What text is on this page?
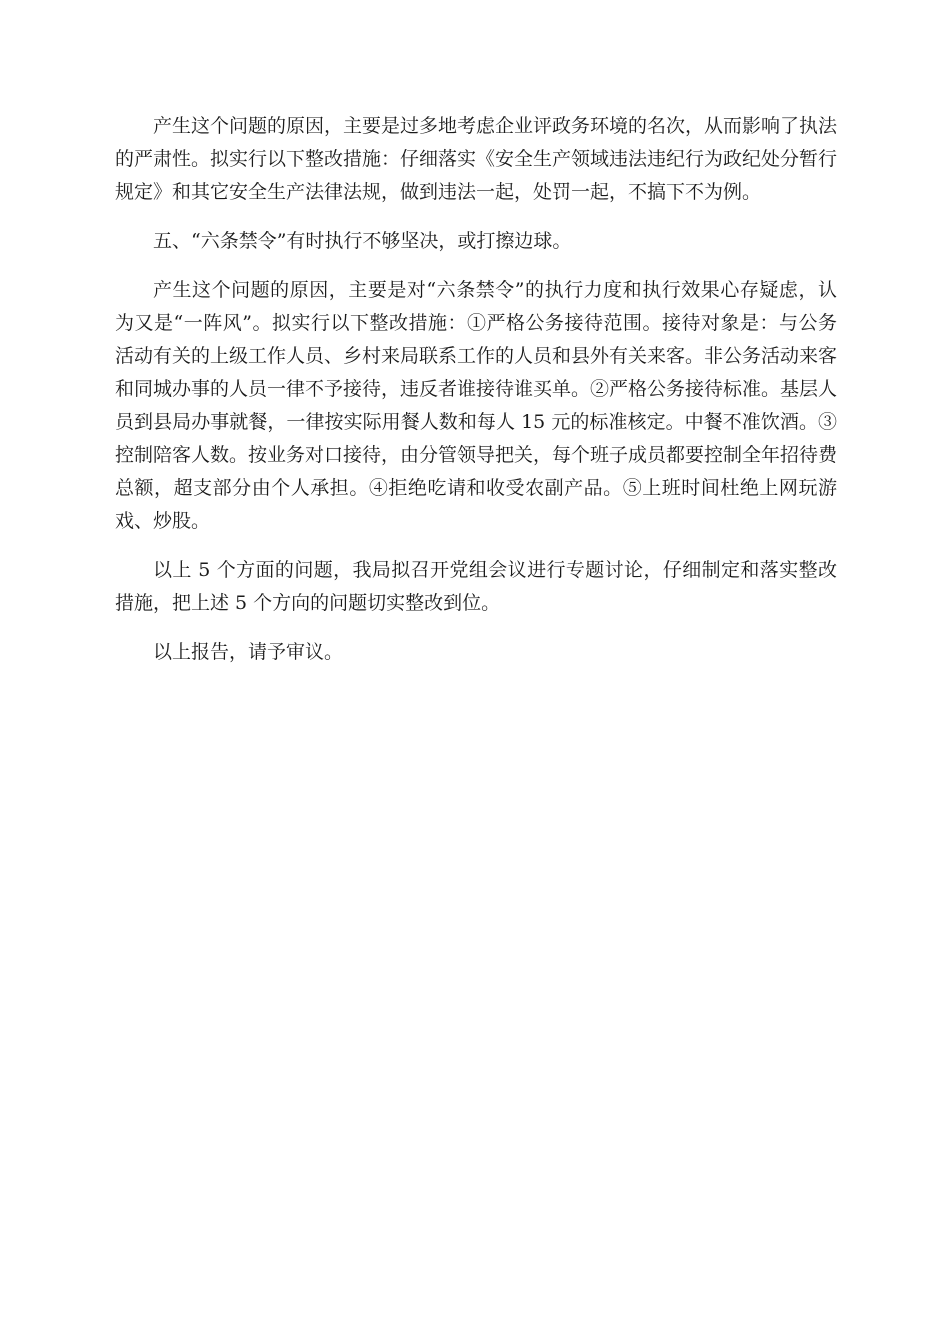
产生这个问题的原因，主要是过多地考虑企业评政务环境的名次，从而影响了执法的严肃性。拟实行以下整改措施：仔细落实《安全生产领域违法违纪行为政纪处分暂行规定》和其它安全生产法律法规，做到违法一起，处罚一起，不搞下不为例。

五、“六条禁令”有时执行不够坚决，或打擦边球。

产生这个问题的原因，主要是对“六条禁令”的执行力度和执行效果心存疑虑，认为又是“一阵风”。拟实行以下整改措施：①严格公务接待范围。接待对象是：与公务活动有关的上级工作人员、乡村来局联系工作的人员和县外有关来客。非公务活动来客和同城办事的人员一律不予接待，违反者谁接待谁买单。②严格公务接待标准。基层人员到县局办事就餐，一律按实际用餐人数和每人 15 元的标准核定。中餐不准饮酒。③控制陪客人数。按业务对口接待，由分管领导把关，每个班子成员都要控制全年招待费总额，超支部分由个人承担。④拒绝吃请和收受农副产品。⑤上班时间杜绝上网玩游戏、炒股。

以上 5 个方面的问题，我局拟召开党组会议进行专题讨论，仔细制定和落实整改措施，把上述 5 个方向的问题切实整改到位。

以上报告，请予审议。
